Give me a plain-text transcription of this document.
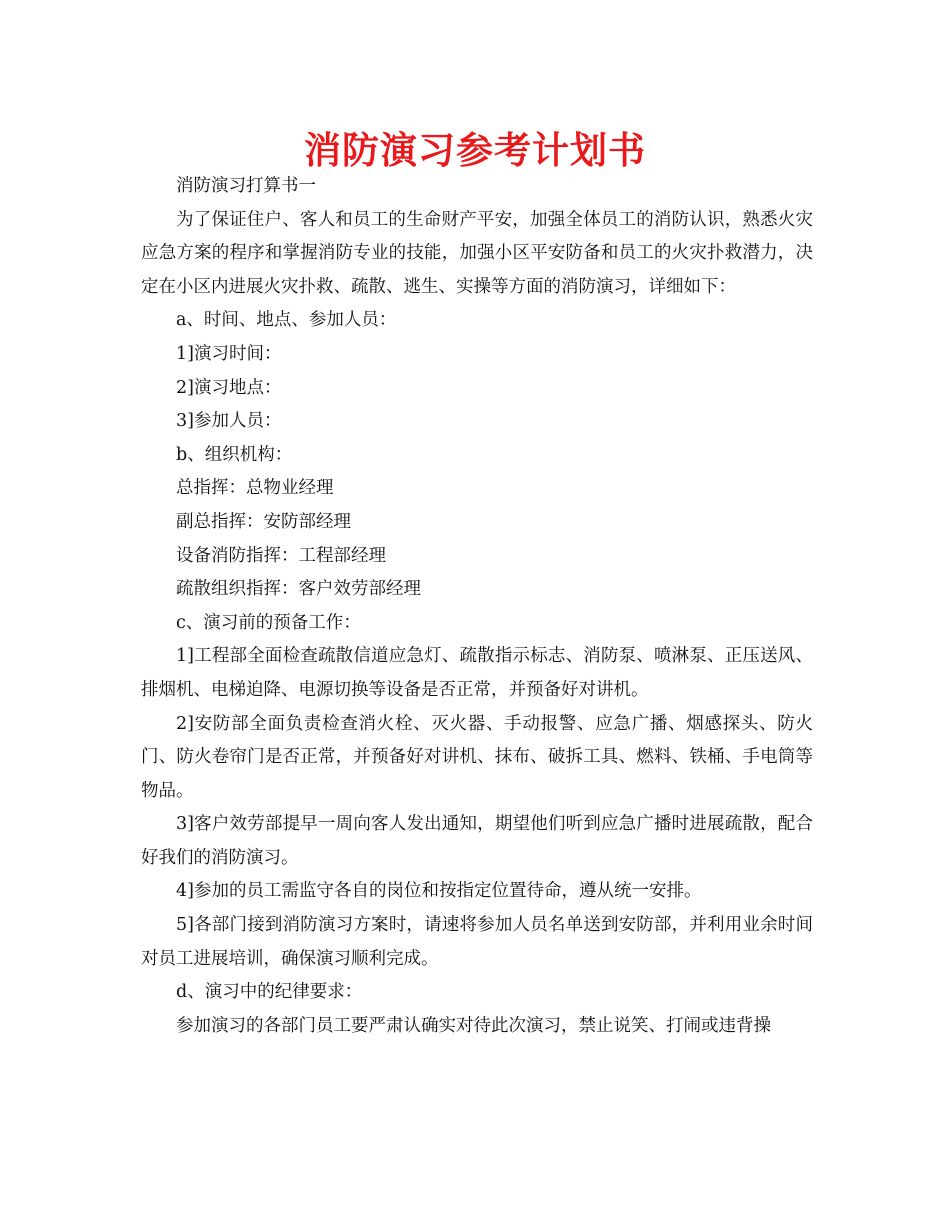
消防演习参考计划书

消防演习打算书一

为了保证住户、客人和员工的生命财产平安，加强全体员工的消防认识，熟悉火灾应急方案的程序和掌握消防专业的技能，加强小区平安防备和员工的火灾扑救潜力，决定在小区内进展火灾扑救、疏散、逃生、实操等方面的消防演习，详细如下：

a、时间、地点、参加人员：

1]演习时间：

2]演习地点：

3]参加人员：

b、组织机构：

总指挥：总物业经理

副总指挥：安防部经理

设备消防指挥：工程部经理

疏散组织指挥：客户效劳部经理

c、演习前的预备工作：

1]工程部全面检查疏散信道应急灯、疏散指示标志、消防泵、喷淋泵、正压送风、排烟机、电梯迫降、电源切换等设备是否正常，并预备好对讲机。

2]安防部全面负责检查消火栓、灭火器、手动报警、应急广播、烟感探头、防火门、防火卷帘门是否正常，并预备好对讲机、抹布、破拆工具、燃料、铁桶、手电筒等物品。

3]客户效劳部提早一周向客人发出通知，期望他们听到应急广播时进展疏散，配合好我们的消防演习。

4]参加的员工需监守各自的岗位和按指定位置待命，遵从统一安排。

5]各部门接到消防演习方案时，请速将参加人员名单送到安防部，并利用业余时间对员工进展培训，确保演习顺利完成。

d、演习中的纪律要求：

参加演习的各部门员工要严肃认确实对待此次演习，禁止说笑、打闹或违背操
